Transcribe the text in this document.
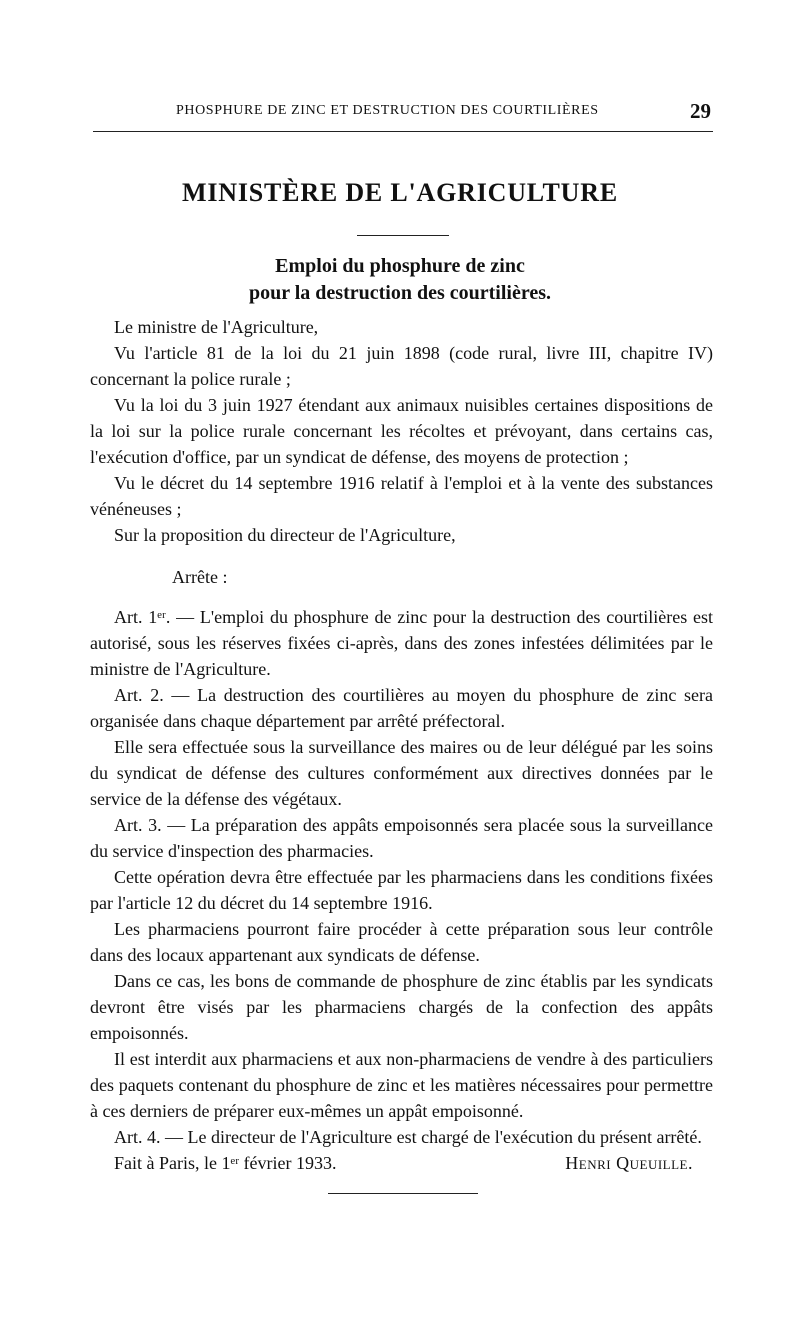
PHOSPHURE DE ZINC ET DESTRUCTION DES COURTILIÈRES	29
MINISTÈRE DE L'AGRICULTURE
Emploi du phosphure de zinc
pour la destruction des courtilières.

Le ministre de l'Agriculture,

Vu l'article 81 de la loi du 21 juin 1898 (code rural, livre III, chapitre IV) concernant la police rurale ;

Vu la loi du 3 juin 1927 étendant aux animaux nuisibles certaines dispositions de la loi sur la police rurale concernant les récoltes et prévoyant, dans certains cas, l'exécution d'office, par un syndicat de défense, des moyens de protection ;

Vu le décret du 14 septembre 1916 relatif à l'emploi et à la vente des substances vénéneuses ;

Sur la proposition du directeur de l'Agriculture,

Arrête :

Art. 1ᵉʳ. — L'emploi du phosphure de zinc pour la destruction des courtilières est autorisé, sous les réserves fixées ci-après, dans des zones infestées délimitées par le ministre de l'Agriculture.

Art. 2. — La destruction des courtilières au moyen du phosphure de zinc sera organisée dans chaque département par arrêté préfectoral.

Elle sera effectuée sous la surveillance des maires ou de leur délégué par les soins du syndicat de défense des cultures conformément aux directives données par le service de la défense des végétaux.

Art. 3. — La préparation des appâts empoisonnés sera placée sous la surveillance du service d'inspection des pharmacies.

Cette opération devra être effectuée par les pharmaciens dans les conditions fixées par l'article 12 du décret du 14 septembre 1916.

Les pharmaciens pourront faire procéder à cette préparation sous leur contrôle dans des locaux appartenant aux syndicats de défense.

Dans ce cas, les bons de commande de phosphure de zinc établis par les syndicats devront être visés par les pharmaciens chargés de la confection des appâts empoisonnés.

Il est interdit aux pharmaciens et aux non-pharmaciens de vendre à des particuliers des paquets contenant du phosphure de zinc et les matières nécessaires pour permettre à ces derniers de préparer eux-mêmes un appât empoisonné.

Art. 4. — Le directeur de l'Agriculture est chargé de l'exécution du présent arrêté.

Fait à Paris, le 1ᵉʳ février 1933.	Henri Queuille.
